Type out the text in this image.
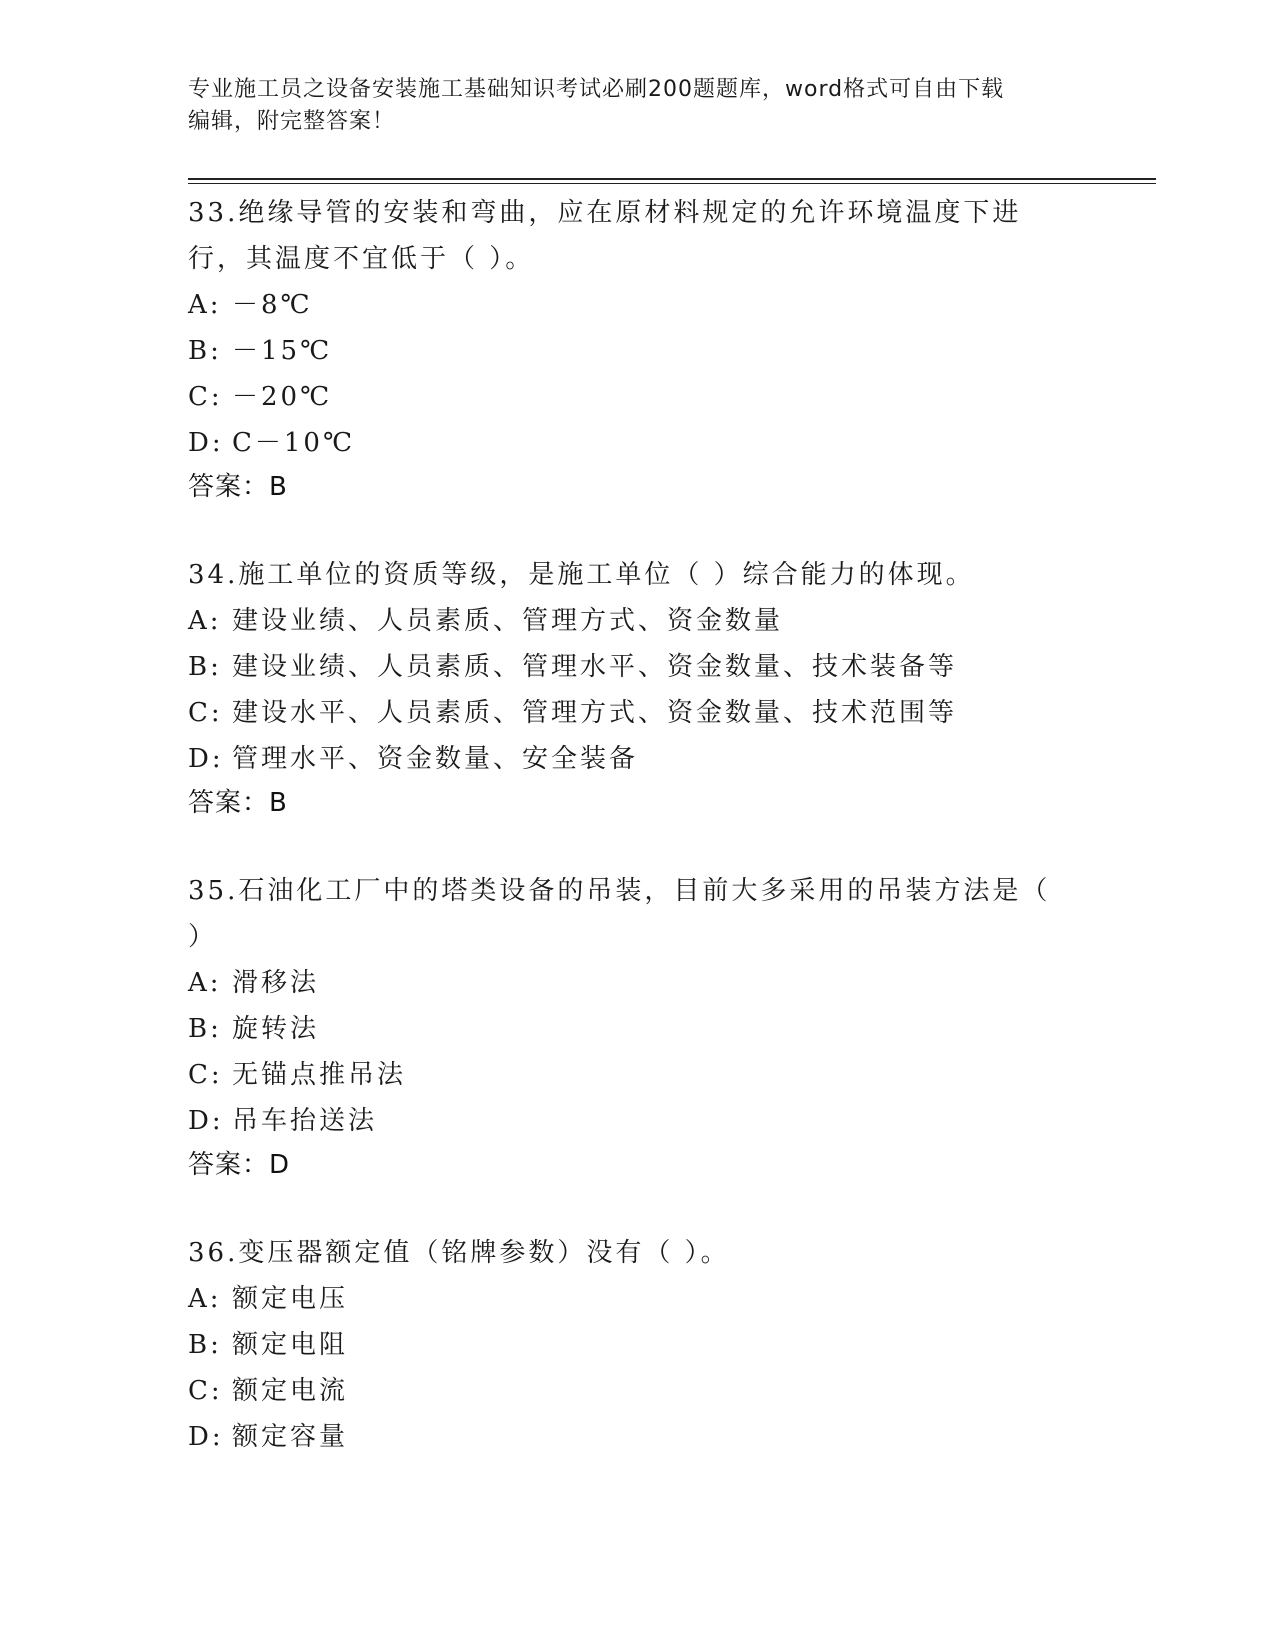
专业施工员之设备安装施工基础知识考试必刷200题题库，word格式可自由下载
编辑，附完整答案！

33.绝缘导管的安装和弯曲，应在原材料规定的允许环境温度下进行，其温度不宜低于（ ）。

A: －8℃

B: －15℃

C: －20℃

D: C－10℃

答案：B

34.施工单位的资质等级，是施工单位（ ）综合能力的体现。

A: 建设业绩、人员素质、管理方式、资金数量

B: 建设业绩、人员素质、管理水平、资金数量、技术装备等

C: 建设水平、人员素质、管理方式、资金数量、技术范围等

D: 管理水平、资金数量、安全装备

答案：B

35.石油化工厂中的塔类设备的吊装，目前大多采用的吊装方法是（ ）

A: 滑移法

B: 旋转法

C: 无锚点推吊法

D: 吊车抬送法

答案：D

36.变压器额定值（铭牌参数）没有（ ）。

A: 额定电压

B: 额定电阻

C: 额定电流

D: 额定容量
